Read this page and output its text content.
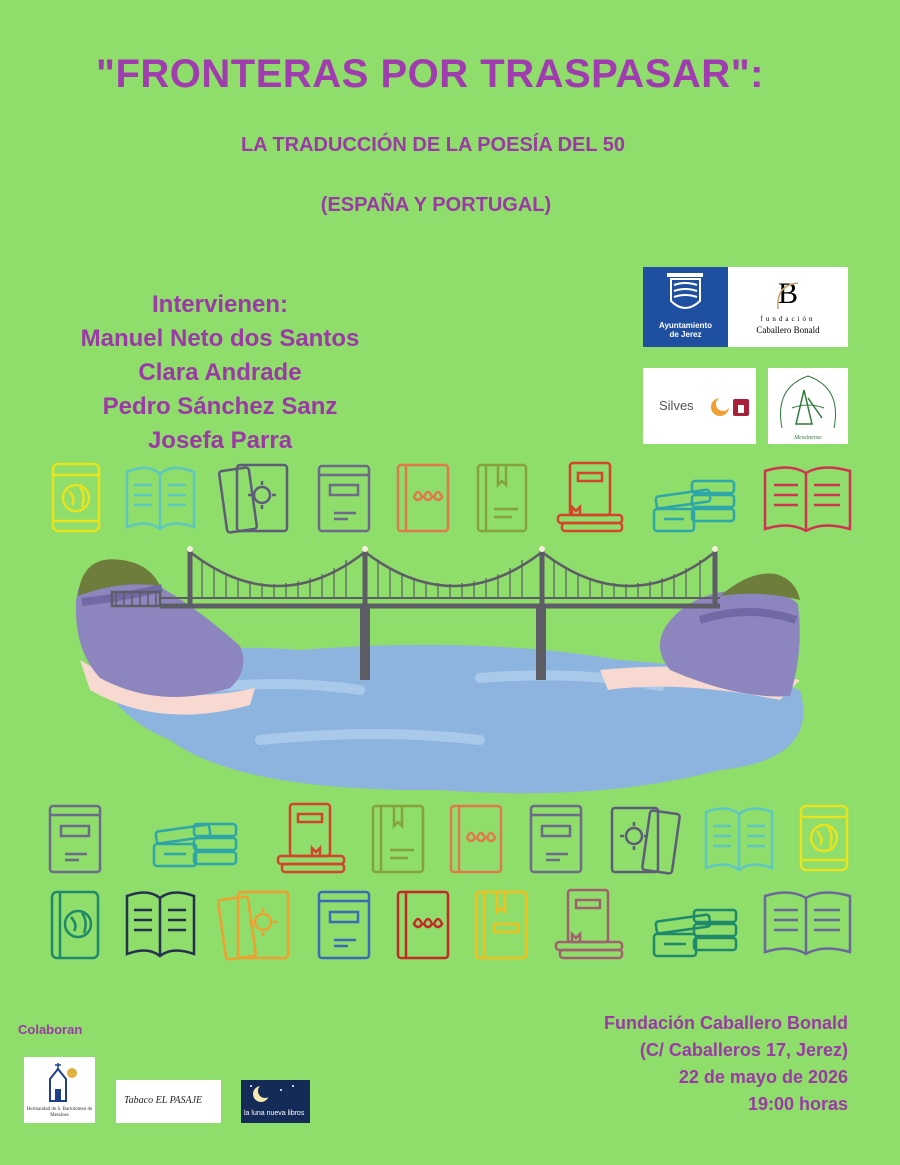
"FRONTERAS POR TRASPASAR":
LA TRADUCCIÓN DE LA POESÍA DEL 50
(ESPAÑA Y PORTUGAL)
Intervienen:
Manuel Neto dos Santos
Clara Andrade
Pedro Sánchez Sanz
Josefa Parra
Ayuntamiento
de Jerez
B
fundación
Caballero Bonald
Silves
Messinense
Colaboran
Hermandad de S. Bartolomeu de Messines
Tabaco EL PASAJE
la luna nueva libros
Fundación Caballero Bonald
(C/ Caballeros 17, Jerez)
22 de mayo de 2026
19:00 horas
